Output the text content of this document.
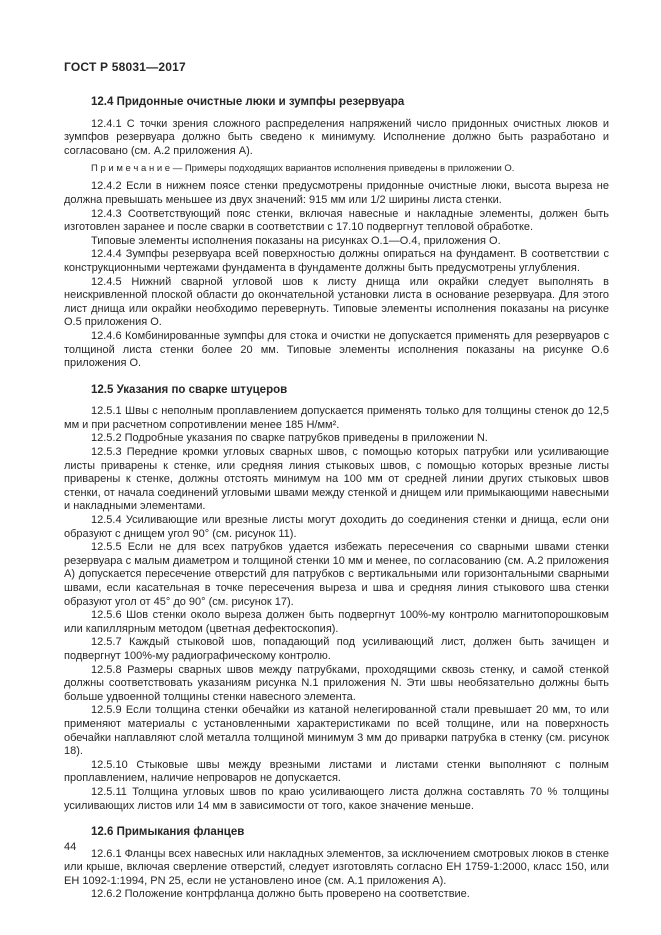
ГОСТ Р 58031—2017
12.4 Придонные очистные люки и зумпфы резервуара

12.4.1 С точки зрения сложного распределения напряжений число придонных очистных люков и зумпфов резервуара должно быть сведено к минимуму. Исполнение должно быть разработано и согласовано (см. А.2 приложения А).

П р и м е ч а н и е — Примеры подходящих вариантов исполнения приведены в приложении О.

12.4.2 Если в нижнем поясе стенки предусмотрены придонные очистные люки, высота выреза не должна превышать меньшее из двух значений: 915 мм или 1/2 ширины листа стенки.

12.4.3 Соответствующий пояс стенки, включая навесные и накладные элементы, должен быть изготовлен заранее и после сварки в соответствии с 17.10 подвергнут тепловой обработке.

Типовые элементы исполнения показаны на рисунках О.1—О.4, приложения О.

12.4.4 Зумпфы резервуара всей поверхностью должны опираться на фундамент. В соответствии с конструкционными чертежами фундамента в фундаменте должны быть предусмотрены углубления.

12.4.5 Нижний сварной угловой шов к листу днища или окрайки следует выполнять в неискривленной плоской области до окончательной установки листа в основание резервуара. Для этого лист днища или окрайки необходимо перевернуть. Типовые элементы исполнения показаны на рисунке О.5 приложения О.

12.4.6 Комбинированные зумпфы для стока и очистки не допускается применять для резервуаров с толщиной листа стенки более 20 мм. Типовые элементы исполнения показаны на рисунке О.6 приложения О.

12.5 Указания по сварке штуцеров

12.5.1 Швы с неполным проплавлением допускается применять только для толщины стенок до 12,5 мм и при расчетном сопротивлении менее 185 Н/мм².

12.5.2 Подробные указания по сварке патрубков приведены в приложении N.

12.5.3 Передние кромки угловых сварных швов, с помощью которых патрубки или усиливающие листы приварены к стенке, или средняя линия стыковых швов, с помощью которых врезные листы приварены к стенке, должны отстоять минимум на 100 мм от средней линии других стыковых швов стенки, от начала соединений угловыми швами между стенкой и днищем или примыкающими навесными и накладными элементами.

12.5.4 Усиливающие или врезные листы могут доходить до соединения стенки и днища, если они образуют с днищем угол 90° (см. рисунок 11).

12.5.5 Если не для всех патрубков удается избежать пересечения со сварными швами стенки резервуара с малым диаметром и толщиной стенки 10 мм и менее, по согласованию (см. А.2 приложения А) допускается пересечение отверстий для патрубков с вертикальными или горизонтальными сварными швами, если касательная в точке пересечения выреза и шва и средняя линия стыкового шва стенки образуют угол от 45° до 90° (см. рисунок 17).

12.5.6 Шов стенки около выреза должен быть подвергнут 100%-му контролю магнитопорошковым или капиллярным методом (цветная дефектоскопия).

12.5.7 Каждый стыковой шов, попадающий под усиливающий лист, должен быть зачищен и подвергнут 100%-му радиографическому контролю.

12.5.8 Размеры сварных швов между патрубками, проходящими сквозь стенку, и самой стенкой должны соответствовать указаниям рисунка N.1 приложения N. Эти швы необязательно должны быть больше удвоенной толщины стенки навесного элемента.

12.5.9 Если толщина стенки обечайки из катаной нелегированной стали превышает 20 мм, то или применяют материалы с установленными характеристиками по всей толщине, или на поверхность обечайки наплавляют слой металла толщиной минимум 3 мм до приварки патрубка в стенку (см. рисунок 18).

12.5.10 Стыковые швы между врезными листами и листами стенки выполняют с полным проплавлением, наличие непроваров не допускается.

12.5.11 Толщина угловых швов по краю усиливающего листа должна составлять 70 % толщины усиливающих листов или 14 мм в зависимости от того, какое значение меньше.

12.6 Примыкания фланцев

12.6.1 Фланцы всех навесных или накладных элементов, за исключением смотровых люков в стенке или крыше, включая сверление отверстий, следует изготовлять согласно ЕН 1759-1:2000, класс 150, или ЕН 1092-1:1994, PN 25, если не установлено иное (см. А.1 приложения А).

12.6.2 Положение контрфланца должно быть проверено на соответствие.

44
